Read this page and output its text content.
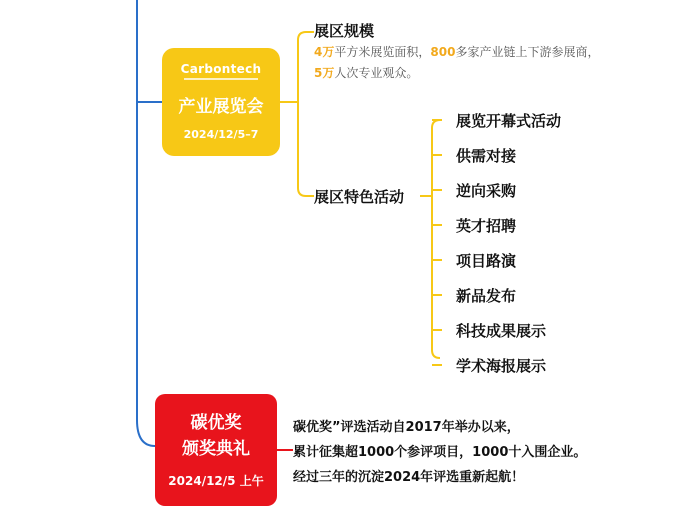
Carbontech
产业展览会
2024/12/5–7
展区规模
4万平方米展览面积，800多家产业链上下游参展商，
5万人次专业观众。
展区特色活动
展览开幕式活动
供需对接
逆向采购
英才招聘
项目路演
新品发布
科技成果展示
学术海报展示
碳优奖
颁奖典礼
2024/12/5 上午
碳优奖”评选活动自2017年举办以来，
累计征集超1000个参评项目，1000十入围企业。
经过三年的沉淀2024年评选重新起航！
